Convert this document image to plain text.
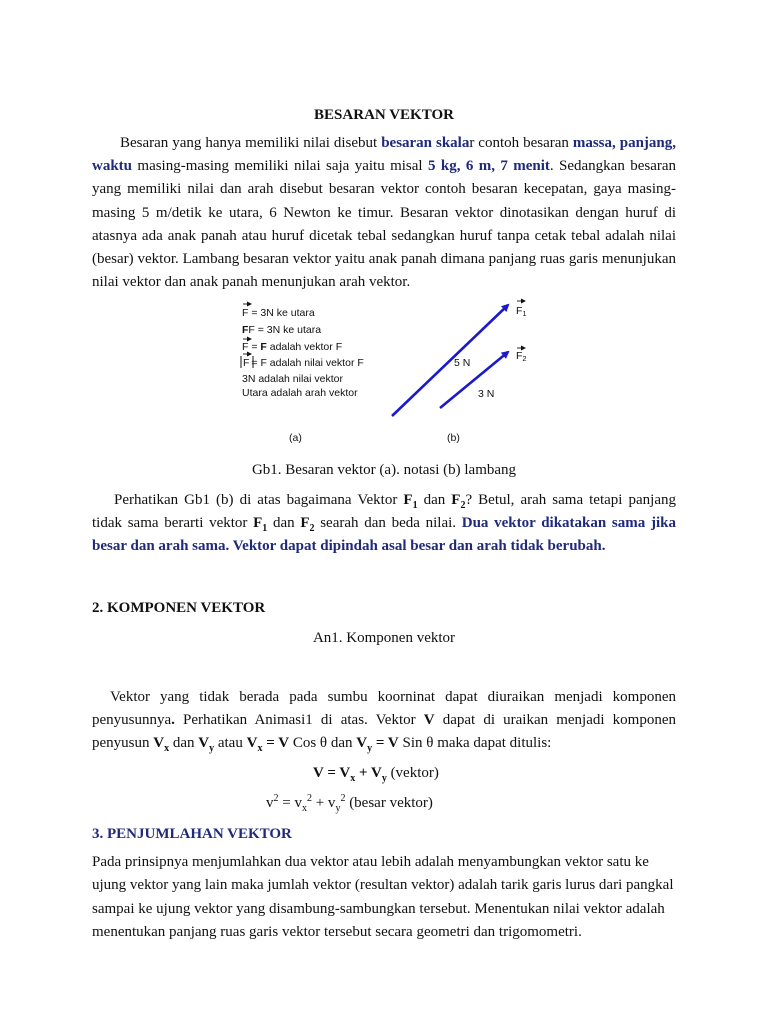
BESARAN VEKTOR
Besaran yang hanya memiliki nilai disebut besaran skalar contoh besaran massa, panjang, waktu masing-masing memiliki nilai saja yaitu misal 5 kg, 6 m, 7 menit. Sedangkan besaran yang memiliki nilai dan arah disebut besaran vektor contoh besaran kecepatan, gaya masing-masing 5 m/detik ke utara, 6 Newton ke timur. Besaran vektor dinotasikan dengan huruf di atasnya ada anak panah atau huruf dicetak tebal sedangkan huruf tanpa cetak tebal adalah nilai (besar) vektor. Lambang besaran vektor yaitu anak panah dimana panjang ruas garis menunjukan nilai vektor dan anak panah menunjukan arah vektor.
F = 3N ke utara
FF = 3N ke utara
F = F adalah vektor F
F = F adalah nilai vektor F
3N adalah nilai vektor
Utara adalah arah vektor
F1
F2
5 N
3 N
(a)	(b)
Gb1. Besaran vektor (a). notasi (b) lambang
Perhatikan Gb1 (b) di atas bagaimana Vektor $F_1$ dan $F_2$? Betul, arah sama tetapi panjang tidak sama berarti vektor $F_1$ dan $F_2$ searah dan beda nilai. Dua vektor dikatakan sama jika besar dan arah sama. Vektor dapat dipindah asal besar dan arah tidak berubah.
2. KOMPONEN VEKTOR
An1. Komponen vektor
Vektor yang tidak berada pada sumbu koorninat dapat diuraikan menjadi komponen penyusunnya. Perhatikan Animasi1 di atas. Vektor V dapat di uraikan menjadi komponen penyusun $V_x$ dan $V_y$ atau $V_x = V$ Cos θ dan $V_y = V$ Sin θ maka dapat ditulis:
$V = V_x + V_y$ (vektor)
$v^2 = v_x^2 + v_y^2$ (besar vektor)
3. PENJUMLAHAN VEKTOR
Pada prinsipnya menjumlahkan dua vektor atau lebih adalah menyambungkan vektor satu ke ujung vektor yang lain maka jumlah vektor (resultan vektor) adalah tarik garis lurus dari pangkal sampai ke ujung vektor yang disambung-sambungkan tersebut. Menentukan nilai vektor adalah menentukan panjang ruas garis vektor tersebut secara geometri dan trigomometri.
